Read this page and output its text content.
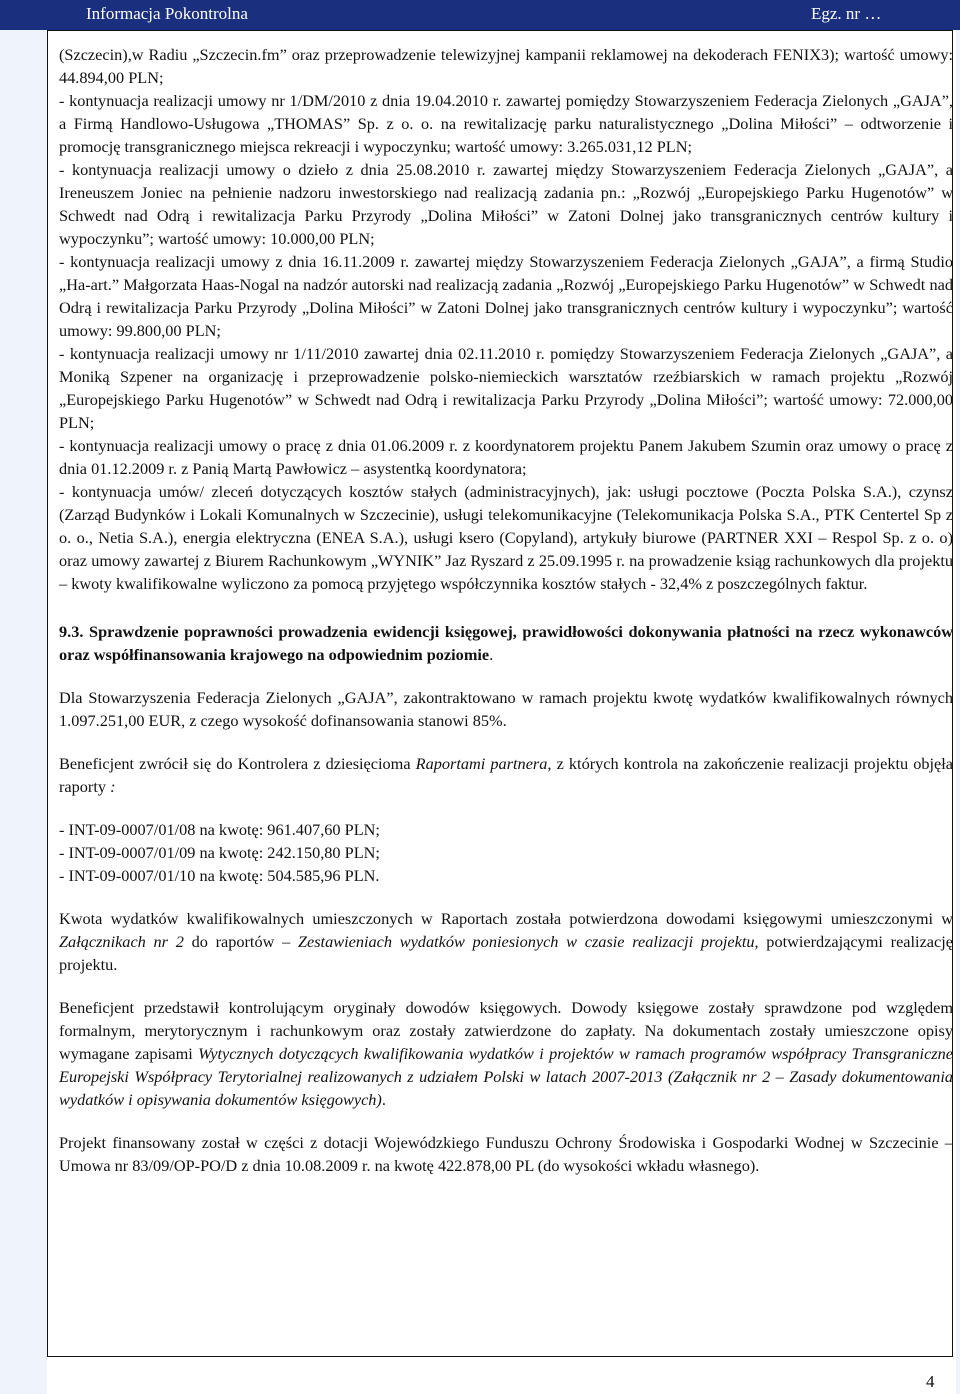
Informacja Pokontrolna	Egz. nr …

(Szczecin),w Radiu „Szczecin.fm” oraz przeprowadzenie telewizyjnej kampanii reklamowej na dekoderach FENIX3); wartość umowy: 44.894,00 PLN;

- kontynuacja realizacji umowy nr 1/DM/2010 z dnia 19.04.2010 r. zawartej pomiędzy Stowarzyszeniem Federacja Zielonych „GAJA”, a Firmą Handlowo-Usługowa „THOMAS” Sp. z o. o. na rewitalizację parku naturalistycznego „Dolina Miłości” – odtworzenie i promocję transgranicznego miejsca rekreacji i wypoczynku; wartość umowy: 3.265.031,12 PLN;

- kontynuacja realizacji umowy o dzieło z dnia 25.08.2010 r. zawartej między Stowarzyszeniem Federacja Zielonych „GAJA”, a Ireneuszem Joniec na pełnienie nadzoru inwestorskiego nad realizacją zadania pn.: „Rozwój „Europejskiego Parku Hugenotów” w Schwedt nad Odrą i rewitalizacja Parku Przyrody „Dolina Miłości” w Zatoni Dolnej jako transgranicznych centrów kultury i wypoczynku”; wartość umowy: 10.000,00 PLN;

- kontynuacja realizacji umowy z dnia 16.11.2009 r. zawartej między Stowarzyszeniem Federacja Zielonych „GAJA”, a firmą Studio „Ha-art.” Małgorzata Haas-Nogal na nadzór autorski nad realizacją zadania „Rozwój „Europejskiego Parku Hugenotów” w Schwedt nad Odrą i rewitalizacja Parku Przyrody „Dolina Miłości” w Zatoni Dolnej jako transgranicznych centrów kultury i wypoczynku”; wartość umowy: 99.800,00 PLN;

- kontynuacja realizacji umowy nr 1/11/2010 zawartej dnia 02.11.2010 r. pomiędzy Stowarzyszeniem Federacja Zielonych „GAJA”, a Moniką Szpener na organizację i przeprowadzenie polsko-niemieckich warsztatów rzeźbiarskich w ramach projektu „Rozwój „Europejskiego Parku Hugenotów” w Schwedt nad Odrą i rewitalizacja Parku Przyrody „Dolina Miłości”; wartość umowy: 72.000,00 PLN;

- kontynuacja realizacji umowy o pracę z dnia 01.06.2009 r. z koordynatorem projektu Panem Jakubem Szumin oraz umowy o pracę z dnia 01.12.2009 r. z Panią Martą Pawłowicz – asystentką koordynatora;

- kontynuacja umów/ zleceń dotyczących kosztów stałych (administracyjnych), jak: usługi pocztowe (Poczta Polska S.A.), czynsz (Zarząd Budynków i Lokali Komunalnych w Szczecinie), usługi telekomunikacyjne (Telekomunikacja Polska S.A., PTK Centertel Sp z o. o., Netia S.A.), energia elektryczna (ENEA S.A.), usługi ksero (Copyland), artykuły biurowe (PARTNER XXI – Respol Sp. z o. o) oraz umowy zawartej z Biurem Rachunkowym „WYNIK” Jaz Ryszard z 25.09.1995 r. na prowadzenie ksiąg rachunkowych dla projektu – kwoty kwalifikowalne wyliczono za pomocą przyjętego współczynnika kosztów stałych - 32,4% z poszczególnych faktur.

9.3. Sprawdzenie poprawności prowadzenia ewidencji księgowej, prawidłowości dokonywania płatności na rzecz wykonawców oraz współfinansowania krajowego na odpowiednim poziomie.

Dla Stowarzyszenia Federacja Zielonych „GAJA”, zakontraktowano w ramach projektu kwotę wydatków kwalifikowalnych równych 1.097.251,00 EUR, z czego wysokość dofinansowania stanowi 85%.

Beneficjent zwrócił się do Kontrolera z dziesięcioma Raportami partnera, z których kontrola na zakończenie realizacji projektu objęła raporty :

- INT-09-0007/01/08 na kwotę: 961.407,60 PLN;

- INT-09-0007/01/09 na kwotę: 242.150,80 PLN;

- INT-09-0007/01/10 na kwotę: 504.585,96 PLN.

Kwota wydatków kwalifikowalnych umieszczonych w Raportach została potwierdzona dowodami księgowymi umieszczonymi w Załącznikach nr 2 do raportów – Zestawieniach wydatków poniesionych w czasie realizacji projektu, potwierdzającymi realizację projektu.

Beneficjent przedstawił kontrolującym oryginały dowodów księgowych. Dowody księgowe zostały sprawdzone pod względem formalnym, merytorycznym i rachunkowym oraz zostały zatwierdzone do zapłaty. Na dokumentach zostały umieszczone opisy wymagane zapisami Wytycznych dotyczących kwalifikowania wydatków i projektów w ramach programów współpracy Transgraniczne Europejski Współpracy Terytorialnej realizowanych z udziałem Polski w latach 2007-2013 (Załącznik nr 2 – Zasady dokumentowania wydatków i opisywania dokumentów księgowych).

Projekt finansowany został w części z dotacji Wojewódzkiego Funduszu Ochrony Środowiska i Gospodarki Wodnej w Szczecinie – Umowa nr 83/09/OP-PO/D z dnia 10.08.2009 r. na kwotę 422.878,00 PL (do wysokości wkładu własnego).

4
